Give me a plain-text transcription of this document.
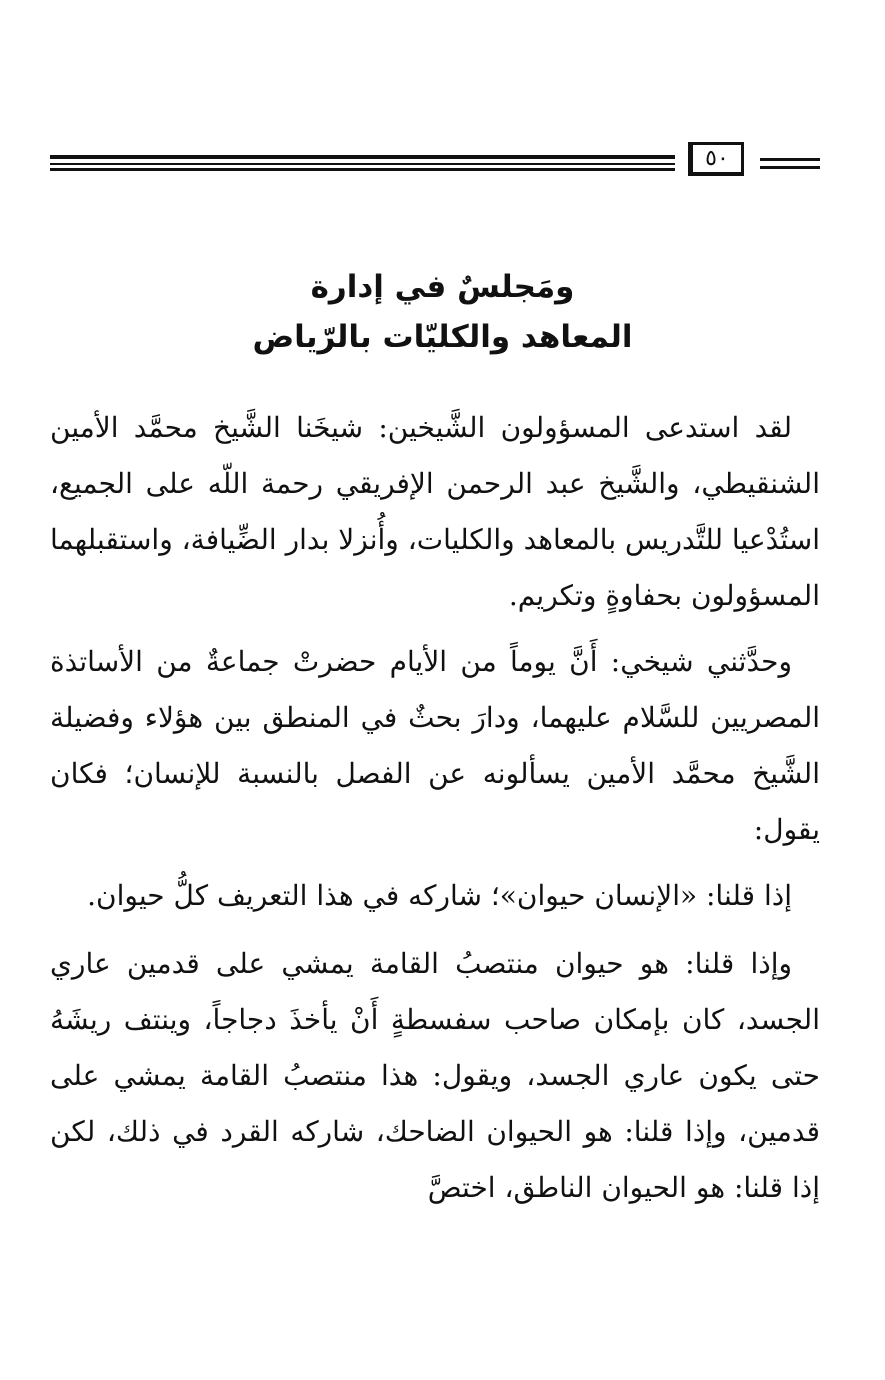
٥٠
ومَجلسٌ في إدارة
المعاهد والكليّات بالرّياض

لقد استدعى المسؤولون الشَّيخين: شيخَنا الشَّيخ محمَّد الأمين الشنقيطي، والشَّيخ عبد الرحمن الإفريقي رحمة اللّه على الجميع، استُدْعيا للتَّدريس بالمعاهد والكليات، وأُنزلا بدار الضِّيافة، واستقبلهما المسؤولون بحفاوةٍ وتكريم.

وحدَّثني شيخي: أَنَّ يوماً من الأيام حضرتْ جماعةٌ من الأساتذة المصريين للسَّلام عليهما، ودارَ بحثٌ في المنطق بين هؤلاء وفضيلة الشَّيخ محمَّد الأمين يسألونه عن الفصل بالنسبة للإنسان؛ فكان يقول:

إذا قلنا: «الإنسان حيوان»؛ شاركه في هذا التعريف كلُّ حيوان.

وإذا قلنا: هو حيوان منتصبُ القامة يمشي على قدمين عاري الجسد، كان بإمكان صاحب سفسطةٍ أَنْ يأخذَ دجاجاً، وينتف ريشَهُ حتى يكون عاري الجسد، ويقول: هذا منتصبُ القامة يمشي على قدمين، وإذا قلنا: هو الحيوان الضاحك، شاركه القرد في ذلك، لكن إذا قلنا: هو الحيوان الناطق، اختصَّ
